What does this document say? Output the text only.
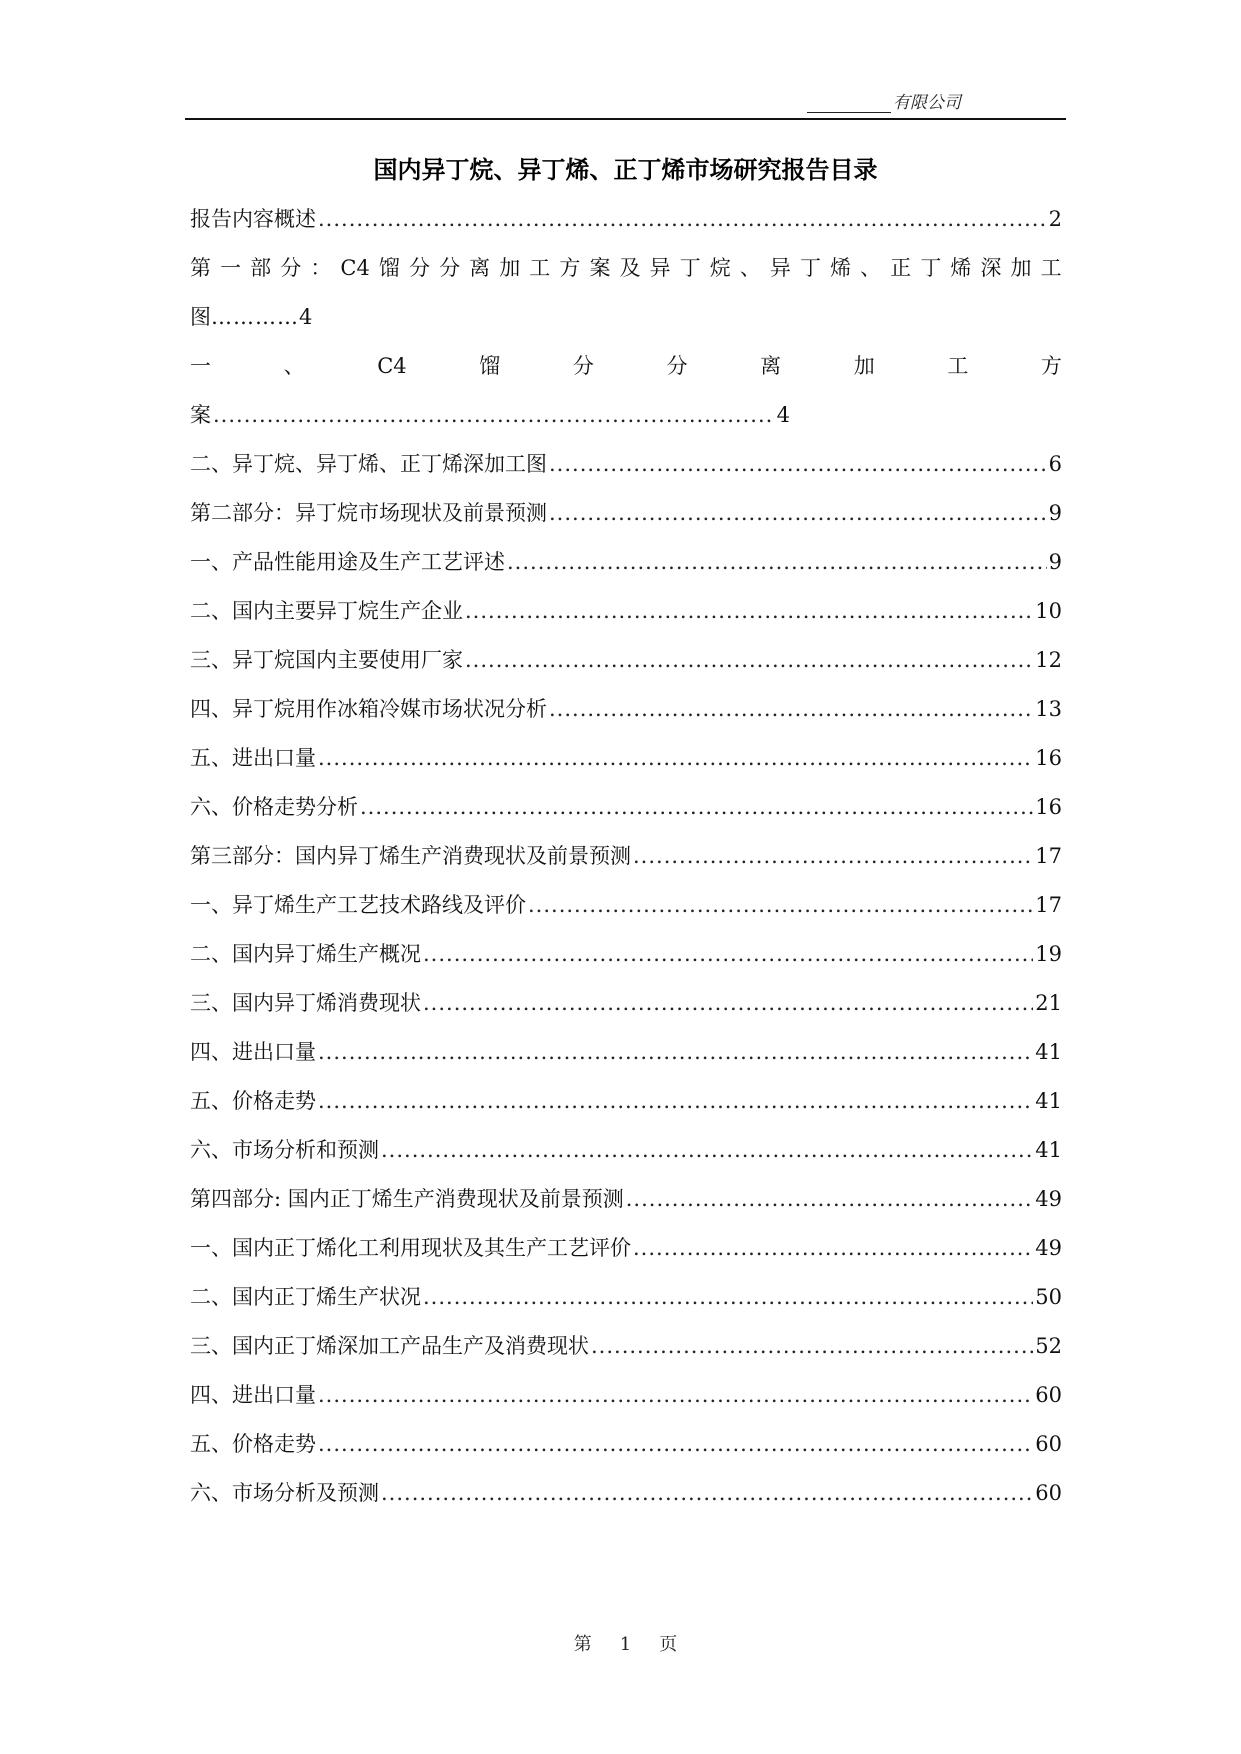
有限公司
国内异丁烷、异丁烯、正丁烯市场研究报告目录
报告内容概述 .....	2
第 一 部 分 ： C4 馏 分 分 离 加 工 方 案 及 异 丁 烷 、 异 丁 烯 、 正 丁 烯 深 加 工
图 ………… 4
一	、	C4	馏	分	分	离	加	工	方
案 .....	4
二、异丁烷、异丁烯、正丁烯深加工图 .....	6
第二部分：异丁烷市场现状及前景预测 .....	9
一、产品性能用途及生产工艺评述 .....	9
二、国内主要异丁烷生产企业 .....	10
三、异丁烷国内主要使用厂家 .....	12
四、异丁烷用作冰箱冷媒市场状况分析 .....	13
五、进出口量 .....	16
六、价格走势分析 .....	16
第三部分：国内异丁烯生产消费现状及前景预测 .....	17
一、异丁烯生产工艺技术路线及评价 .....	17
二、国内异丁烯生产概况 .....	19
三、国内异丁烯消费现状 .....	21
四、进出口量 .....	41
五、价格走势 .....	41
六、市场分析和预测 .....	41
第四部分: 国内正丁烯生产消费现状及前景预测 .....	49
一、国内正丁烯化工利用现状及其生产工艺评价 .....	49
二、国内正丁烯生产状况 .....	50
三、国内正丁烯深加工产品生产及消费现状 .....	52
四、进出口量 .....	60
五、价格走势 .....	60
六、市场分析及预测 .....	60
第 1 页
